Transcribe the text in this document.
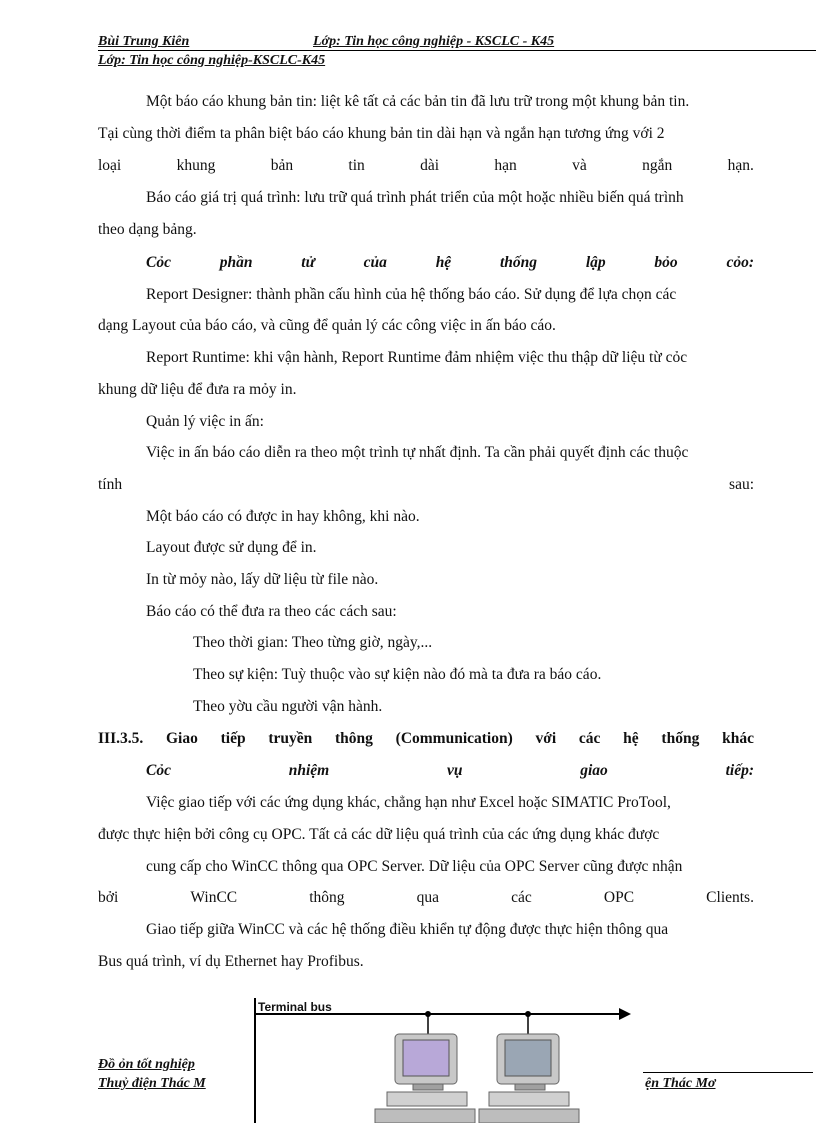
Bùi Trung Kiên	Lớp: Tin học công nghiệp - KSCLC - K45
Lớp: Tin học công nghiệp-KSCLC-K45
Một báo cáo khung bản tin: liệt kê tất cả các bản tin đã lưu trữ trong một khung bản tin.
Tại cùng thời điểm ta phân biệt báo cáo khung bản tin dài hạn và ngắn hạn tương ứng với 2
loại	khung	bản	tin	dài	hạn	và	ngắn	hạn.
Báo cáo giá trị quá trình: lưu trữ quá trình phát triển của một hoặc nhiều biến quá trình
theo dạng bảng.
Cỏc	phần	tử	của	hệ	thống	lập	bỏo	cỏo:
Report Designer: thành phần cấu hình của hệ thống báo cáo. Sử dụng để lựa chọn các
dạng Layout của báo cáo, và cũng để quản lý các công việc in ấn báo cáo.
Report Runtime: khi vận hành, Report Runtime đảm nhiệm việc thu thập dữ liệu từ cỏc
khung dữ liệu để đưa ra mỏy in.
Quản lý việc in ấn:
Việc in ấn báo cáo diễn ra theo một trình tự nhất định. Ta cần phải quyết định các thuộc
tính	sau:
Một báo cáo có được in hay không, khi nào.
Layout được sử dụng để in.
In từ mỏy nào, lấy dữ liệu từ file nào.
Báo cáo có thể đưa ra theo các cách sau:
Theo thời gian: Theo từng giờ, ngày,...
Theo sự kiện: Tuỳ thuộc vào sự kiện nào đó mà ta đưa ra báo cáo.
Theo yờu cầu người vận hành.
III.3.5. Giao tiếp truyền thông (Communication) với các hệ thống khác
Cỏc	nhiệm	vụ	giao	tiếp:
Việc giao tiếp với các ứng dụng khác, chẳng hạn như Excel hoặc SIMATIC ProTool,
được thực hiện bởi công cụ OPC. Tất cả các dữ liệu quá trình của các ứng dụng khác được
cung cấp cho WinCC thông qua OPC Server. Dữ liệu của OPC Server cũng được nhận
bởi	WinCC	thông	qua	các	OPC	Clients.
Giao tiếp giữa WinCC và các hệ thống điều khiển tự động được thực hiện thông qua
Bus quá trình, ví dụ Ethernet hay Profibus.
Terminal bus
Đồ ỏn tốt nghiệp
Thuỷ điện Thác M	ện Thác Mơ
